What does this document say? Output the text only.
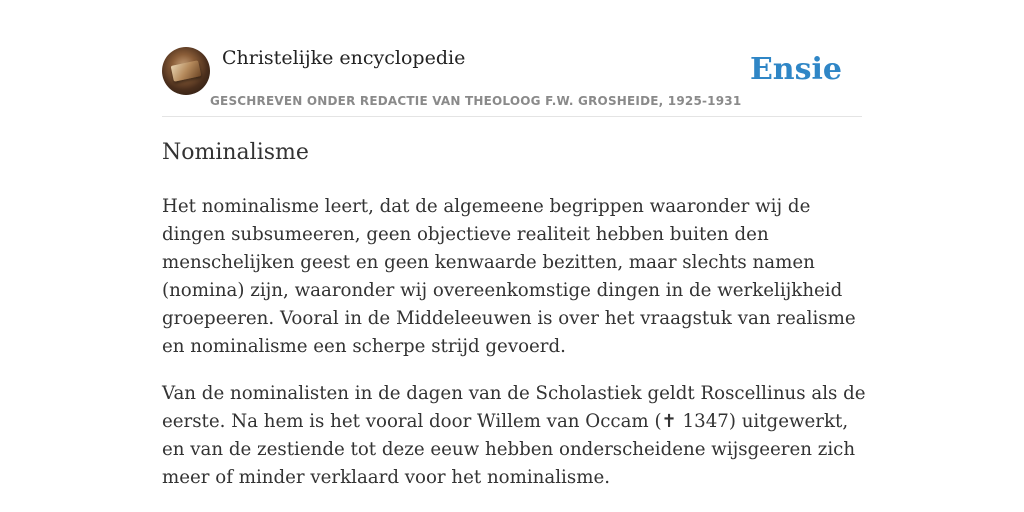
Christelijke encyclopedie
GESCHREVEN ONDER REDACTIE VAN THEOLOOG F.W. GROSHEIDE, 1925-1931
Ensie
Nominalisme

Het nominalisme leert, dat de algemeene begrippen waaronder wij de dingen subsumeeren, geen objectieve realiteit hebben buiten den menschelijken geest en geen kenwaarde bezitten, maar slechts namen (nomina) zijn, waaronder wij overeenkomstige dingen in de werkelijkheid groepeeren. Vooral in de Middeleeuwen is over het vraagstuk van realisme en nominalisme een scherpe strijd gevoerd.

Van de nominalisten in de dagen van de Scholastiek geldt Roscellinus als de eerste. Na hem is het vooral door Willem van Occam (✝ 1347) uitgewerkt, en van de zestiende tot deze eeuw hebben onderscheidene wijsgeeren zich meer of minder verklaard voor het nominalisme.
